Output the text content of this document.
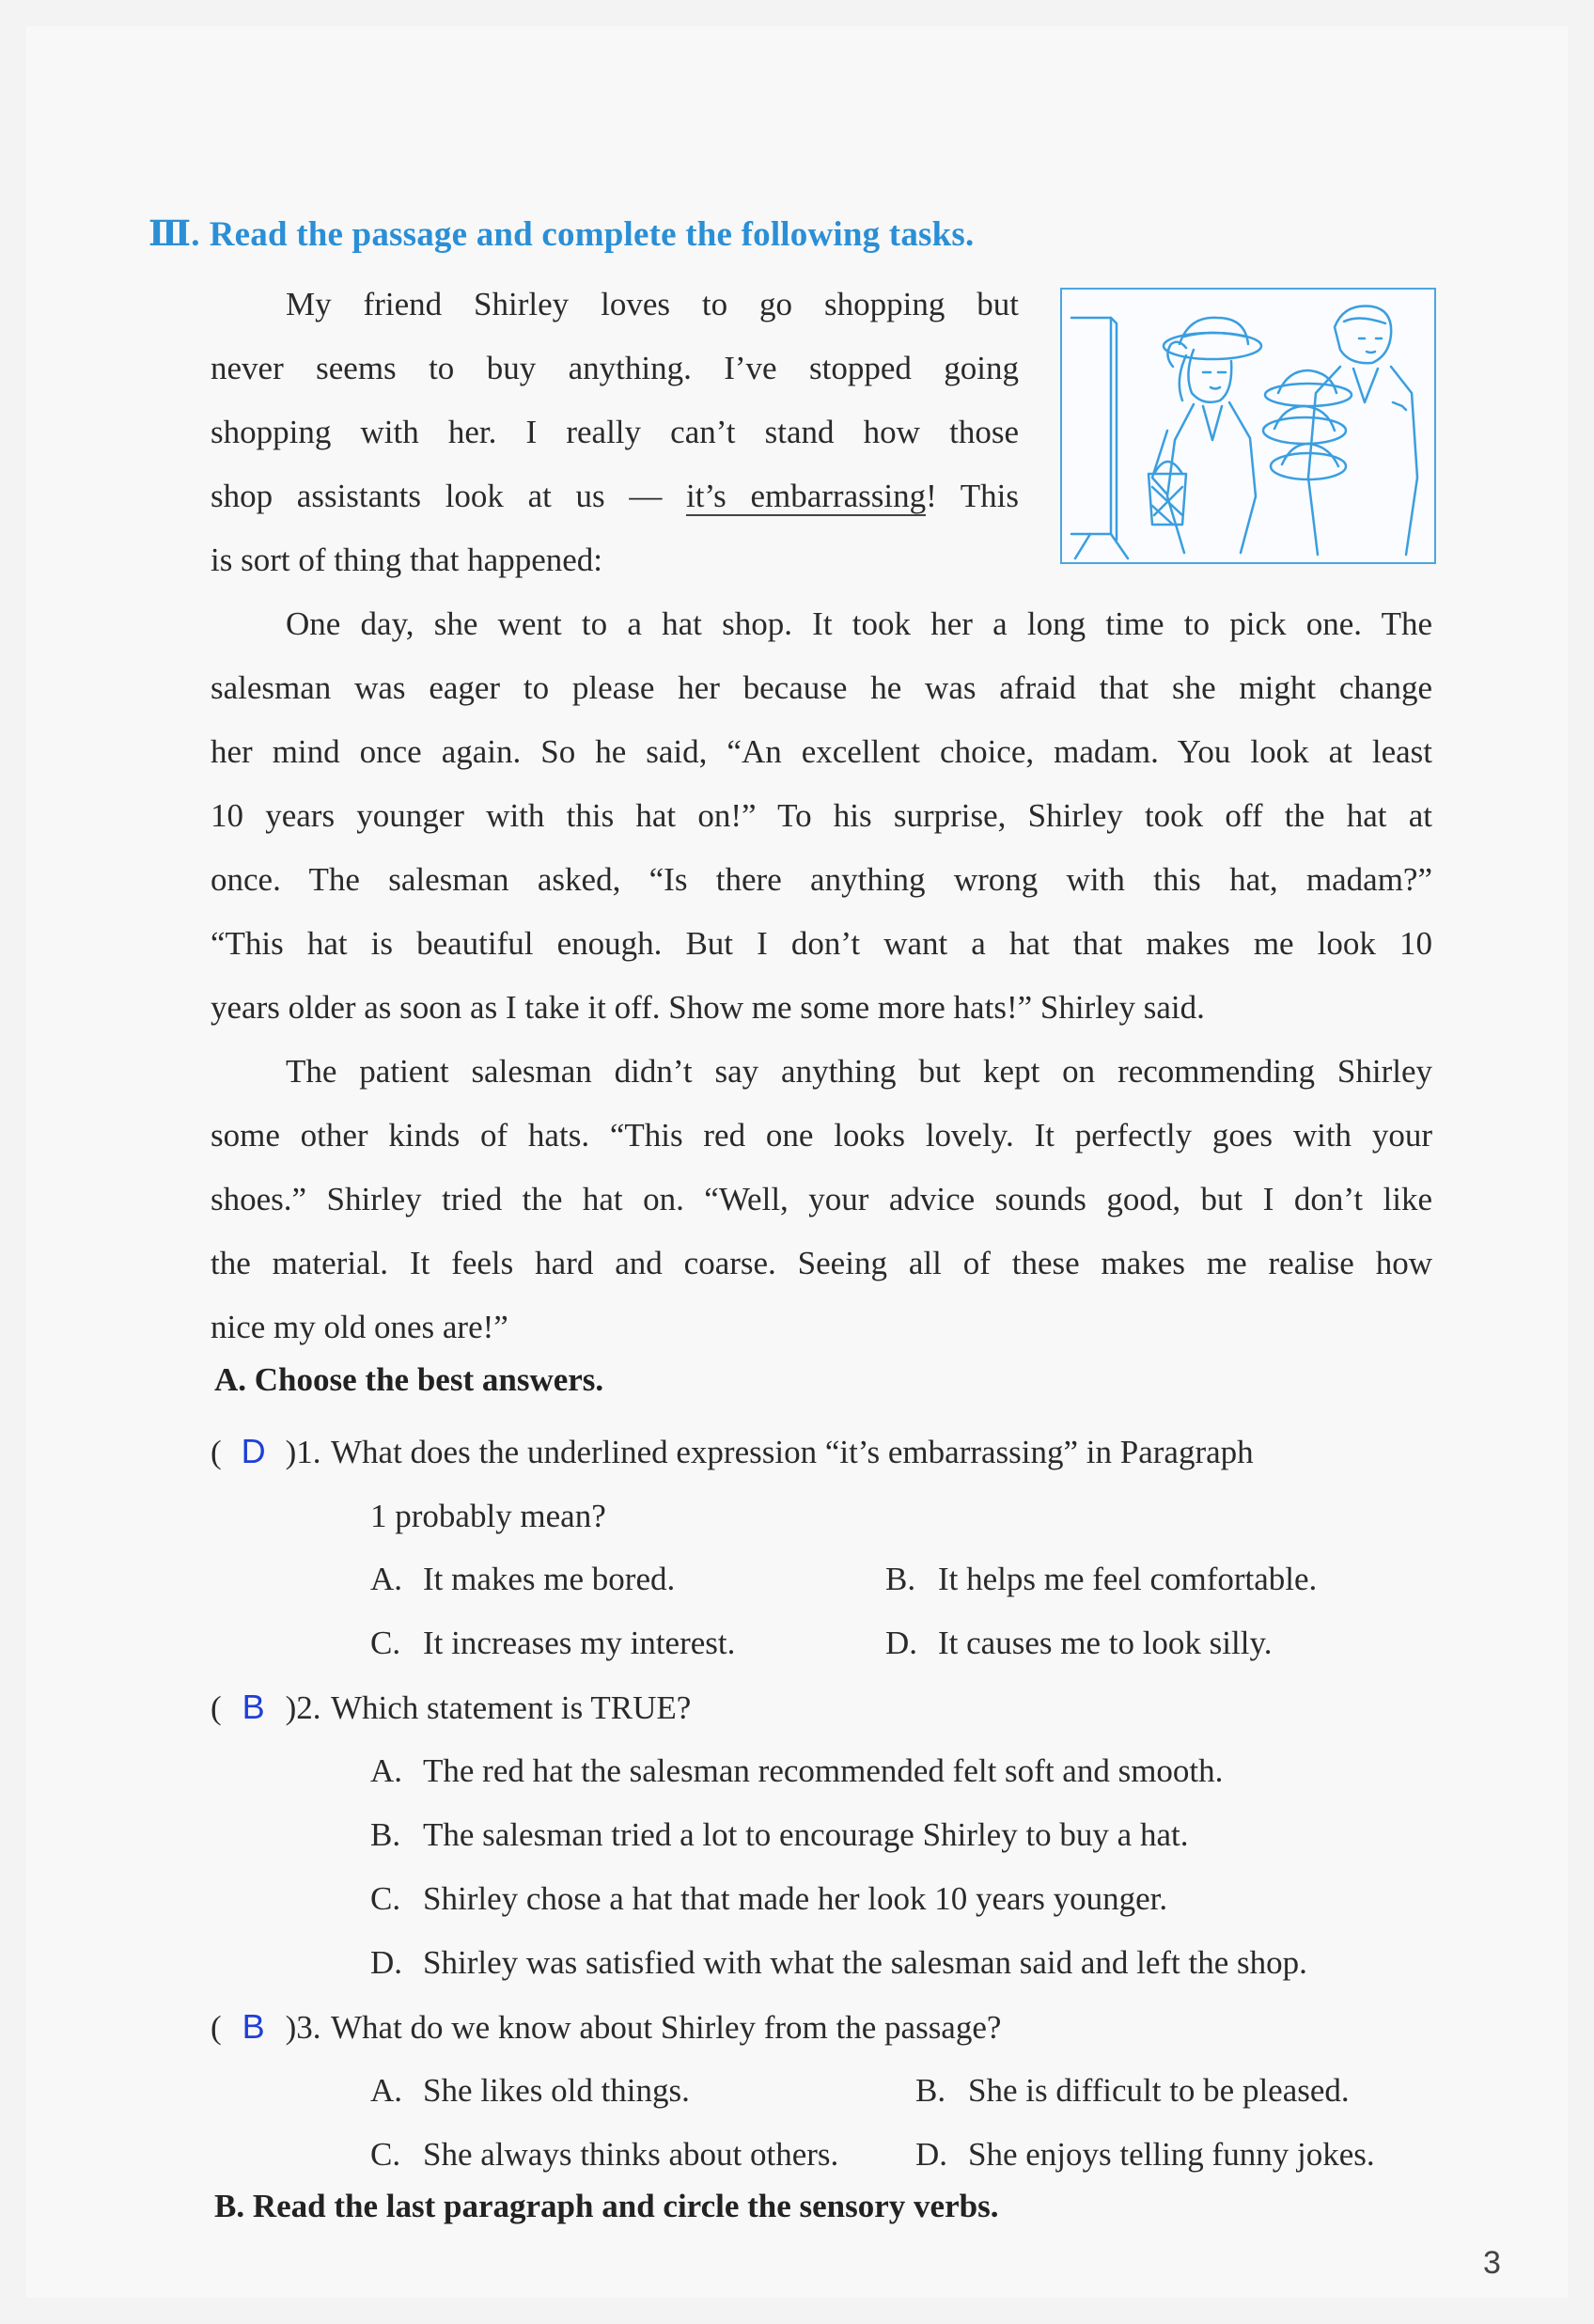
Ⅲ. Read the passage and complete the following tasks.
My friend Shirley loves to go shopping but
never seems to buy anything. I’ve stopped going
shopping with her. I really can’t stand how those
shop assistants look at us — it’s embarrassing! This
is sort of thing that happened:
One day, she went to a hat shop. It took her a long time to pick one. The
salesman was eager to please her because he was afraid that she might change
her mind once again. So he said, “An excellent choice, madam. You look at least
10 years younger with this hat on!” To his surprise, Shirley took off the hat at
once. The salesman asked, “Is there anything wrong with this hat, madam?”
“This hat is beautiful enough. But I don’t want a hat that makes me look 10
years older as soon as I take it off. Show me some more hats!” Shirley said.
The patient salesman didn’t say anything but kept on recommending Shirley
some other kinds of hats. “This red one looks lovely. It perfectly goes with your
shoes.” Shirley tried the hat on. “Well, your advice sounds good, but I don’t like
the material. It feels hard and coarse. Seeing all of these makes me realise how
nice my old ones are!”
A. Choose the best answers.
( D )1. What does the underlined expression “it’s embarrassing” in Paragraph
1 probably mean?
A. It makes me bored.	B. It helps me feel comfortable.
C. It increases my interest.	D. It causes me to look silly.
( B )2. Which statement is TRUE?
A. The red hat the salesman recommended felt soft and smooth.
B. The salesman tried a lot to encourage Shirley to buy a hat.
C. Shirley chose a hat that made her look 10 years younger.
D. Shirley was satisfied with what the salesman said and left the shop.
( B )3. What do we know about Shirley from the passage?
A. She likes old things.	B. She is difficult to be pleased.
C. She always thinks about others. D. She enjoys telling funny jokes.
B. Read the last paragraph and circle the sensory verbs.
3
